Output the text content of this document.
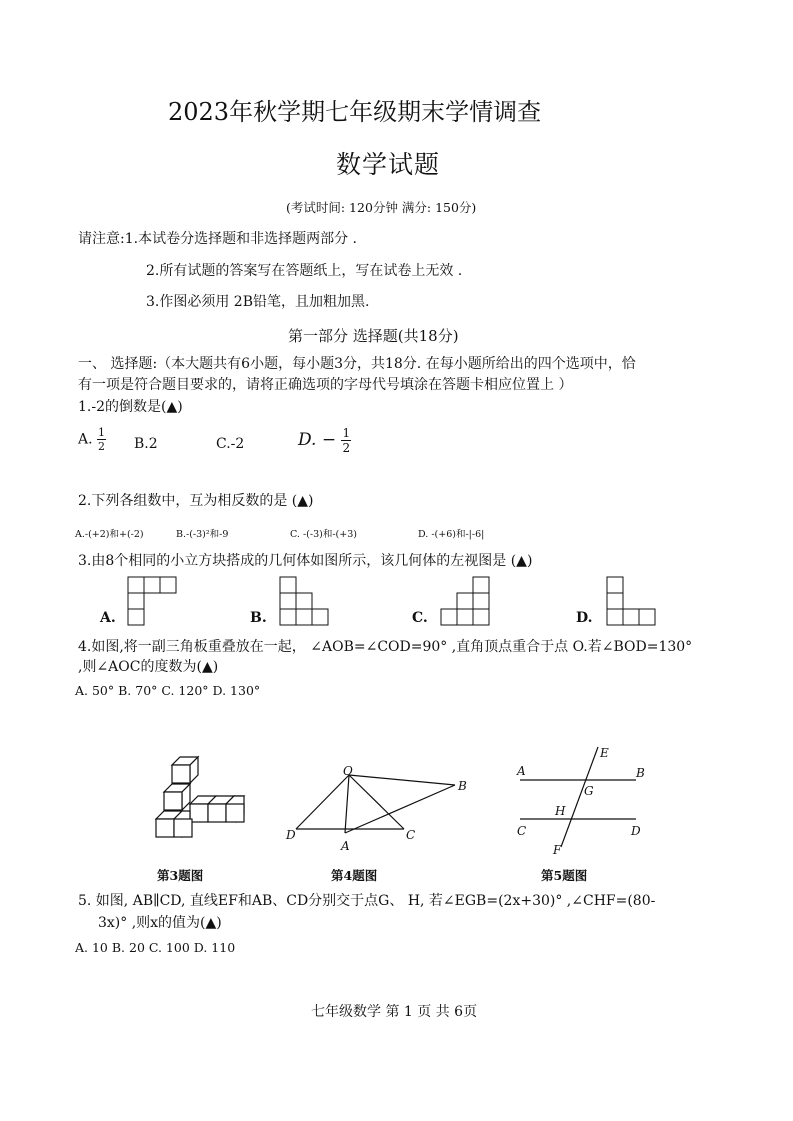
2023年秋学期七年级期末学情调查
数学试题
(考试时间: 120分钟 满分: 150分)
请注意:1.本试卷分选择题和非选择题两部分 .
2.所有试题的答案写在答题纸上，写在试卷上无效 .
3.作图必须用 2B铅笔，且加粗加黑.
第一部分 选择题(共18分)
一、 选择题:（本大题共有6小题，每小题3分，共18分. 在每小题所给出的四个选项中，恰
有一项是符合题目要求的，请将正确选项的字母代号填涂在答题卡相应位置上 ）
1.-2的倒数是(▲)
A. $\frac{1}{2} B.2$	C.-2	D. − $\frac{1}{2}$
2.下列各组数中，互为相反数的是 (▲)
A.-(+2)和+(-2)	B.-(-3)²和-9	C. -(-3)和-(+3)	D. -(+6)和-|-6|
3.由8个相同的小立方块搭成的几何体如图所示，该几何体的左视图是 (▲)
A.	B.	C.	D.
4.如图,将一副三角板重叠放在一起， ∠AOB=∠COD=90° ,直角顶点重合于点 O.若∠BOD=130°
,则∠AOC的度数为(▲)
A. 50° B. 70° C. 120° D. 130°
O
B
D
A
C
E
A	B
G
H
C	D
F
第3题图	第4题图	第5题图
5. 如图, AB∥CD, 直线EF和AB、CD分别交于点G、 H, 若∠EGB=(2x+30)° ,∠CHF=(80-
3x)° ,则x的值为(▲)
A. 10 B. 20 C. 100 D. 110
七年级数学 第 1 页 共 6页
